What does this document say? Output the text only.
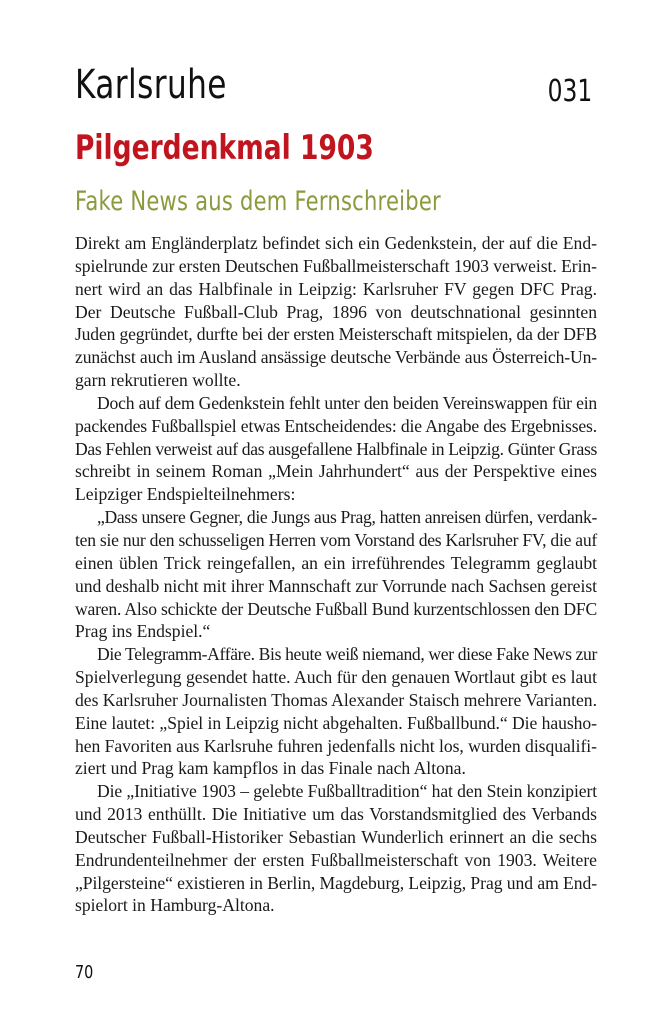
Karlsruhe	031
Pilgerdenkmal 1903
Fake News aus dem Fernschreiber

Direkt am Engländerplatz befindet sich ein Gedenkstein, der auf die End-
spielrunde zur ersten Deutschen Fußballmeisterschaft 1903 verweist. Erin-
nert wird an das Halbfinale in Leipzig: Karlsruher FV gegen DFC Prag.
Der Deutsche Fußball-Club Prag, 1896 von deutschnational gesinnten
Juden gegründet, durfte bei der ersten Meisterschaft mitspielen, da der DFB
zunächst auch im Ausland ansässige deutsche Verbände aus Österreich-Un-
garn rekrutieren wollte.

Doch auf dem Gedenkstein fehlt unter den beiden Vereinswappen für ein
packendes Fußballspiel etwas Entscheidendes: die Angabe des Ergebnisses.
Das Fehlen verweist auf das ausgefallene Halbfinale in Leipzig. Günter Grass
schreibt in seinem Roman „Mein Jahrhundert“ aus der Perspektive eines
Leipziger Endspielteilnehmers:

„Dass unsere Gegner, die Jungs aus Prag, hatten anreisen dürfen, verdank-
ten sie nur den schusseligen Herren vom Vorstand des Karlsruher FV, die auf
einen üblen Trick reingefallen, an ein irreführendes Telegramm geglaubt
und deshalb nicht mit ihrer Mannschaft zur Vorrunde nach Sachsen gereist
waren. Also schickte der Deutsche Fußball Bund kurzentschlossen den DFC
Prag ins Endspiel.“

Die Telegramm-Affäre. Bis heute weiß niemand, wer diese Fake News zur
Spielverlegung gesendet hatte. Auch für den genauen Wortlaut gibt es laut
des Karlsruher Journalisten Thomas Alexander Staisch mehrere Varianten.
Eine lautet: „Spiel in Leipzig nicht abgehalten. Fußballbund.“ Die hausho-
hen Favoriten aus Karlsruhe fuhren jedenfalls nicht los, wurden disqualifi-
ziert und Prag kam kampflos in das Finale nach Altona.

Die „Initiative 1903 – gelebte Fußballtradition“ hat den Stein konzipiert
und 2013 enthüllt. Die Initiative um das Vorstandsmitglied des Verbands
Deutscher Fußball-Historiker Sebastian Wunderlich erinnert an die sechs
Endrundenteilnehmer der ersten Fußballmeisterschaft von 1903. Weitere
„Pilgersteine“ existieren in Berlin, Magdeburg, Leipzig, Prag und am End-
spielort in Hamburg-Altona.

70
